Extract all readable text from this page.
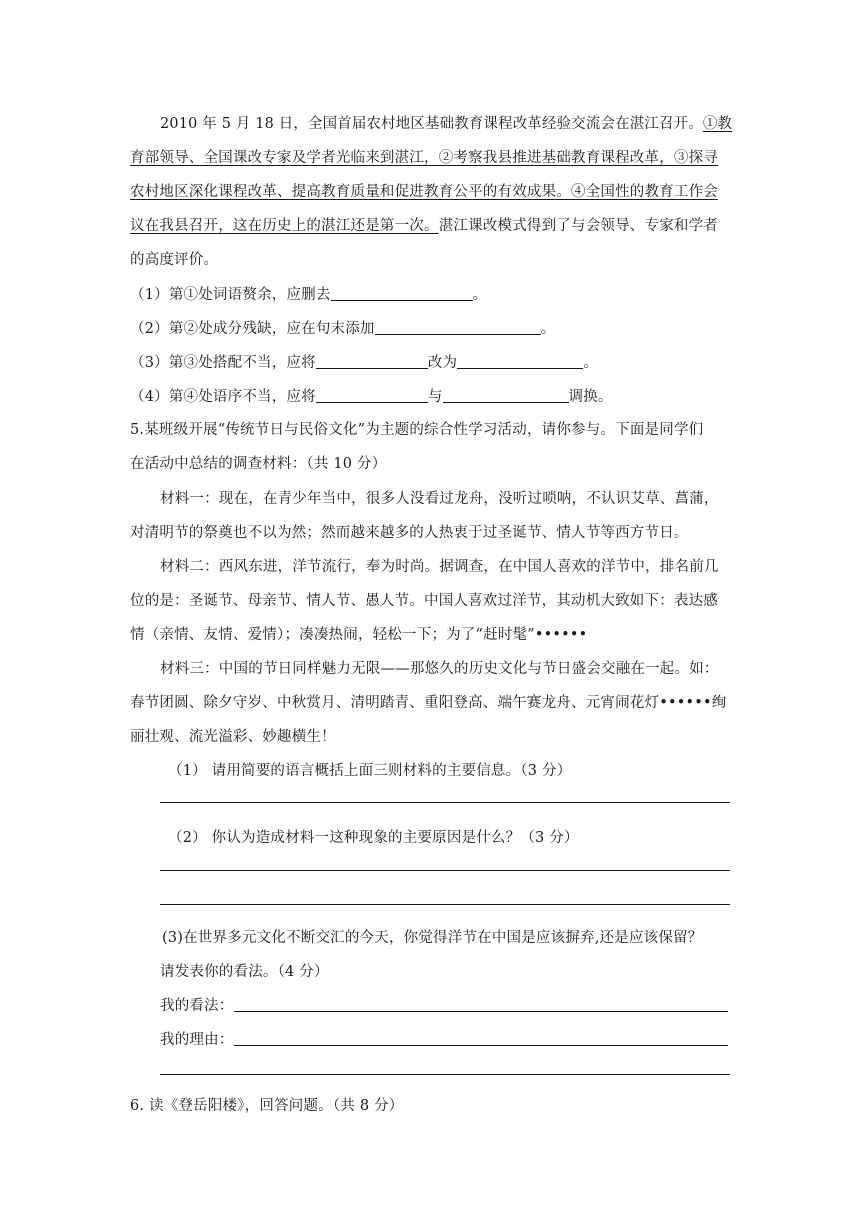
2010 年 5 月 18 日，全国首届农村地区基础教育课程改革经验交流会在湛江召开。①教
育部领导、全国课改专家及学者光临来到湛江，②考察我县推进基础教育课程改革，③探寻
农村地区深化课程改革、提高教育质量和促进教育公平的有效成果。④全国性的教育工作会
议在我县召开，这在历史上的湛江还是第一次。湛江课改模式得到了与会领导、专家和学者
的高度评价。
（1）第①处词语赘余，应删去	。
（2）第②处成分残缺，应在句末添加	。
（3）第③处搭配不当，应将	改为	。
（4）第④处语序不当，应将	与	调换。
5.某班级开展“传统节日与民俗文化”为主题的综合性学习活动，请你参与。下面是同学们
在活动中总结的调查材料：（共 10 分）
材料一：现在，在青少年当中，很多人没看过龙舟，没听过唢呐，不认识艾草、菖蒲，
对清明节的祭奠也不以为然；然而越来越多的人热衷于过圣诞节、情人节等西方节日。
材料二：西风东进，洋节流行，奉为时尚。据调查，在中国人喜欢的洋节中，排名前几
位的是：圣诞节、母亲节、情人节、愚人节。中国人喜欢过洋节，其动机大致如下：表达感
情（亲情、友情、爱情）；凑凑热闹，轻松一下；为了“赶时髦”••••••
材料三：中国的节日同样魅力无限——那悠久的历史文化与节日盛会交融在一起。如：
春节团圆、除夕守岁、中秋赏月、清明踏青、重阳登高、端午赛龙舟、元宵闹花灯••••••绚
丽壮观、流光溢彩、妙趣横生！
（1） 请用简要的语言概括上面三则材料的主要信息。（3 分）
（2） 你认为造成材料一这种现象的主要原因是什么？（3 分）
(3)在世界多元文化不断交汇的今天，你觉得洋节在中国是应该摒弃,还是应该保留？
请发表你的看法。（4 分）
我的看法：
我的理由：
6. 读《登岳阳楼》，回答问题。（共 8 分）
